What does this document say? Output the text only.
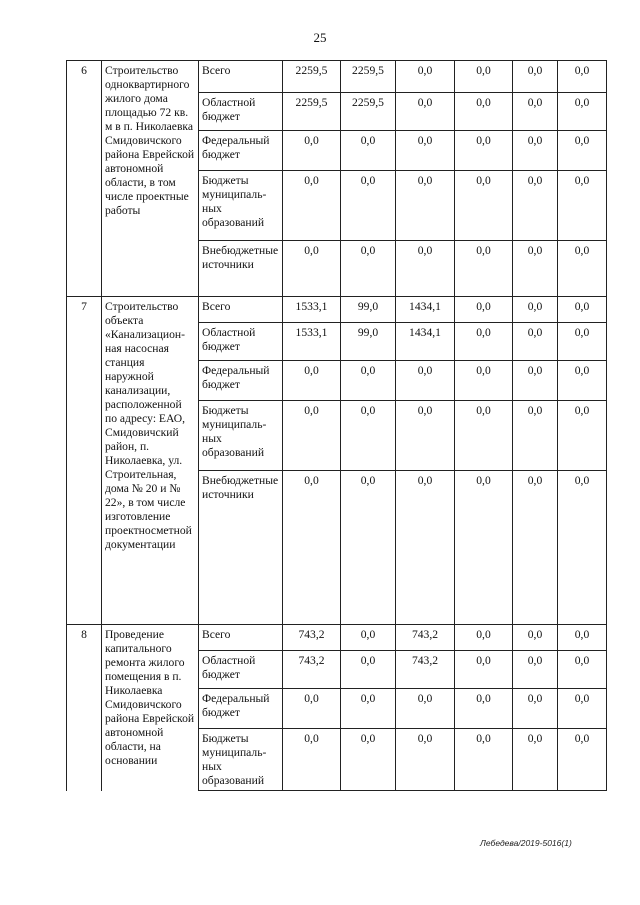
25
6	Строительство одноквартирного жилого дома площадью 72 кв. м в п. Николаевка Смидовичского района Еврейской автономной области, в том числе проектные работы	Всего	2259,5	2259,5	0,0	0,0	0,0	0,0
		Областной бюджет	2259,5	2259,5	0,0	0,0	0,0	0,0
		Федеральный бюджет	0,0	0,0	0,0	0,0	0,0	0,0
		Бюджеты муниципальных образований	0,0	0,0	0,0	0,0	0,0	0,0
		Внебюджетные источники	0,0	0,0	0,0	0,0	0,0	0,0
7	Строительство объекта «Канализационная насосная станция наружной канализации, расположенной по адресу: ЕАО, Смидовичский район, п. Николаевка, ул. Строительная, дома № 20 и № 22», в том числе изготовление проектносметной документации	Всего	1533,1	99,0	1434,1	0,0	0,0	0,0
		Областной бюджет	1533,1	99,0	1434,1	0,0	0,0	0,0
		Федеральный бюджет	0,0	0,0	0,0	0,0	0,0	0,0
		Бюджеты муниципальных образований	0,0	0,0	0,0	0,0	0,0	0,0
		Внебюджетные источники	0,0	0,0	0,0	0,0	0,0	0,0
8	Проведение капитального ремонта жилого помещения в п. Николаевка Смидовичского района Еврейской автономной области, на основании	Всего	743,2	0,0	743,2	0,0	0,0	0,0
		Областной бюджет	743,2	0,0	743,2	0,0	0,0	0,0
		Федеральный бюджет	0,0	0,0	0,0	0,0	0,0	0,0
		Бюджеты муниципальных образований	0,0	0,0	0,0	0,0	0,0	0,0
Лебедева/2019-5016(1)
